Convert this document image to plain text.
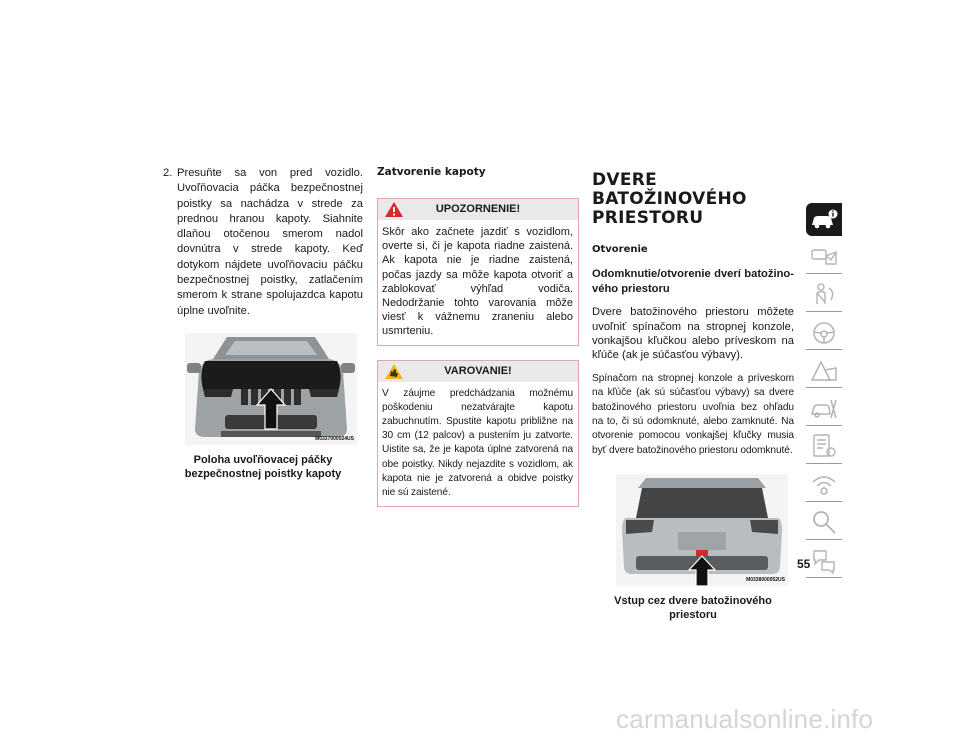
2. Presuňte sa von pred vozidlo. Uvoľňovacia páčka bezpečnostnej poistky sa nachádza v strede za prednou hranou kapoty. Siahnite dlaňou otočenou smerom nadol dovnútra v strede kapoty. Keď dotykom nájdete uvoľňovaciu páčku bezpečnostnej poistky, zatlačením smerom k strane spolujazdca kapotu úplne uvoľnite.
M0337000024US
Poloha uvoľňovacej páčky bezpečnostnej poistky kapoty
Zatvorenie kapoty
UPOZORNENIE!
Skôr ako začnete jazdiť s vozidlom, overte si, či je kapota riadne zaistená. Ak kapota nie je riadne zaistená, počas jazdy sa môže kapota otvoriť a zablokovať výhľad vodiča. Nedodržanie tohto varovania môže viesť k vážnemu zraneniu alebo usmrteniu.
VAROVANIE!
V záujme predchádzania možnému poškodeniu nezatvárajte kapotu zabuchnutím. Spustite kapotu približne na 30 cm (12 palcov) a pustením ju zatvorte. Uistite sa, že je kapota úplne zatvorená na obe poistky. Nikdy nejazdite s vozidlom, ak kapota nie je zatvorená a obidve poistky nie sú zaistené.
DVERE BATOŽINOVÉHO PRIESTORU
Otvorenie
Odomknutie/otvorenie dverí batožinového priestoru
Dvere batožinového priestoru môžete uvoľniť spínačom na stropnej konzole, vonkajšou kľučkou alebo príveskom na kľúče (ak je súčasťou výbavy).
Spínačom na stropnej konzole a príveskom na kľúče (ak sú súčasťou výbavy) sa dvere batožinového priestoru uvoľnia bez ohľadu na to, či sú odomknuté, alebo zamknuté. Na otvorenie pomocou vonkajšej kľučky musia byť dvere batožinového priestoru odomknuté.
M0338000052US
Vstup cez dvere batožinového priestoru
55
carmanualsonline.info
